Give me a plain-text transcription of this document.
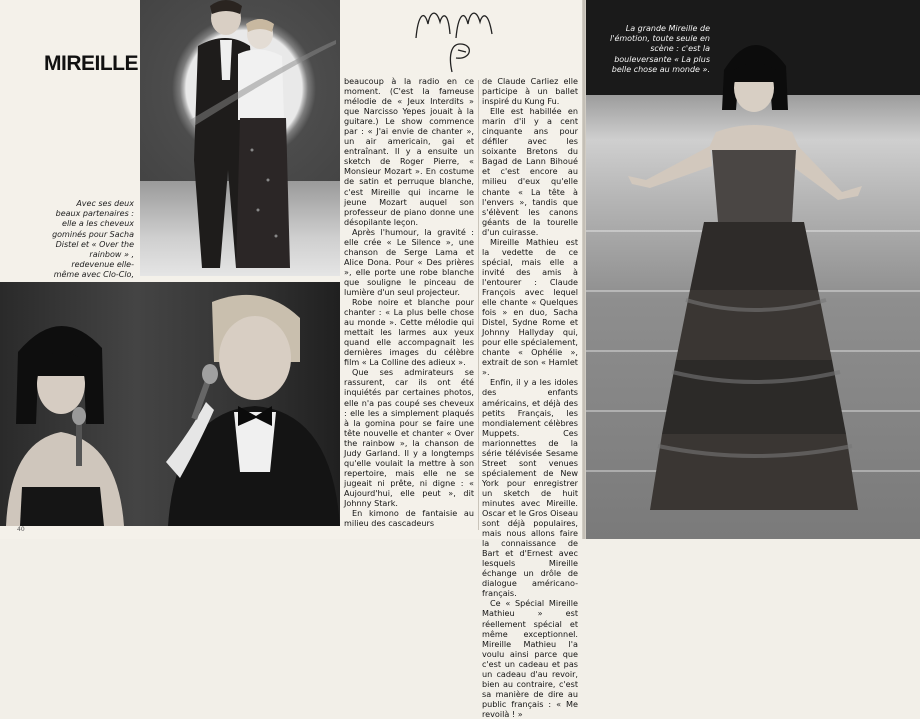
MIREILLE
Avec ses deux beaux partenaires : elle a les cheveux gominés pour Sacha Distel et « Over the rainbow » , redevenue elle-même avec Clo-Clo,
40

beaucoup à la radio en ce moment. (C'est la fameuse mélodie de « Jeux Interdits » que Narcisso Yepes jouait à la guitare.) Le show commence par : « J'ai envie de chanter », un air americain, gai et entraînant. Il y a ensuite un sketch de Roger Pierre, « Monsieur Mozart ». En costume de satin et perruque blanche, c'est Mireille qui incarne le jeune Mozart auquel son professeur de piano donne une désopilante leçon.

Après l'humour, la gravité : elle crée « Le Silence », une chanson de Serge Lama et Alice Dona. Pour « Des prières », elle porte une robe blanche que souligne le pinceau de lumière d'un seul projecteur.

Robe noire et blanche pour chanter : « La plus belle chose au monde ». Cette mélodie qui mettait les larmes aux yeux quand elle accompagnait les dernières images du célèbre film « La Colline des adieux ».

Que ses admirateurs se rassurent, car ils ont été inquiétés par certaines photos, elle n'a pas coupé ses cheveux : elle les a simplement plaqués à la gomina pour se faire une tête nouvelle et chanter « Over the rainbow », la chanson de Judy Garland. Il y a longtemps qu'elle voulait la mettre à son repertoire, mais elle ne se jugeait ni prête, ni digne : « Aujourd'hui, elle peut », dit Johnny Stark.

En kimono de fantaisie au milieu des cascadeurs

de Claude Carliez elle participe à un ballet inspiré du Kung Fu.

Elle est habillée en marin d'il y a cent cinquante ans pour défiler avec les soixante Bretons du Bagad de Lann Bihoué et c'est encore au milieu d'eux qu'elle chante « La tête à l'envers », tandis que s'élèvent les canons géants de la tourelle d'un cuirasse.

Mireille Mathieu est la vedette de ce spécial, mais elle a invité des amis à l'entourer : Claude François avec lequel elle chante « Quelques fois » en duo, Sacha Distel, Sydne Rome et Johnny Hallyday qui, pour elle spécialement, chante « Ophélie », extrait de son « Hamlet ».

Enfin, il y a les idoles des enfants américains, et déjà des petits Français, les mondialement célèbres Muppets. Ces marionnettes de la série télévisée Sesame Street sont venues spécialement de New York pour enregistrer un sketch de huit minutes avec Mireille. Oscar et le Gros Oiseau sont déjà populaires, mais nous allons faire la connaissance de Bart et d'Ernest avec lesquels Mireille échange un drôle de dialogue américano-français.

Ce « Spécial Mireille Mathieu » est réellement spécial et même exceptionnel. Mireille Mathieu l'a voulu ainsi parce que c'est un cadeau et pas un cadeau d'au revoir, bien au contraire, c'est sa manière de dire au public français : « Me revoilà ! »

La grande Mireille de l'émotion, toute seule en scène : c'est la bouleversante « La plus belle chose au monde ».
